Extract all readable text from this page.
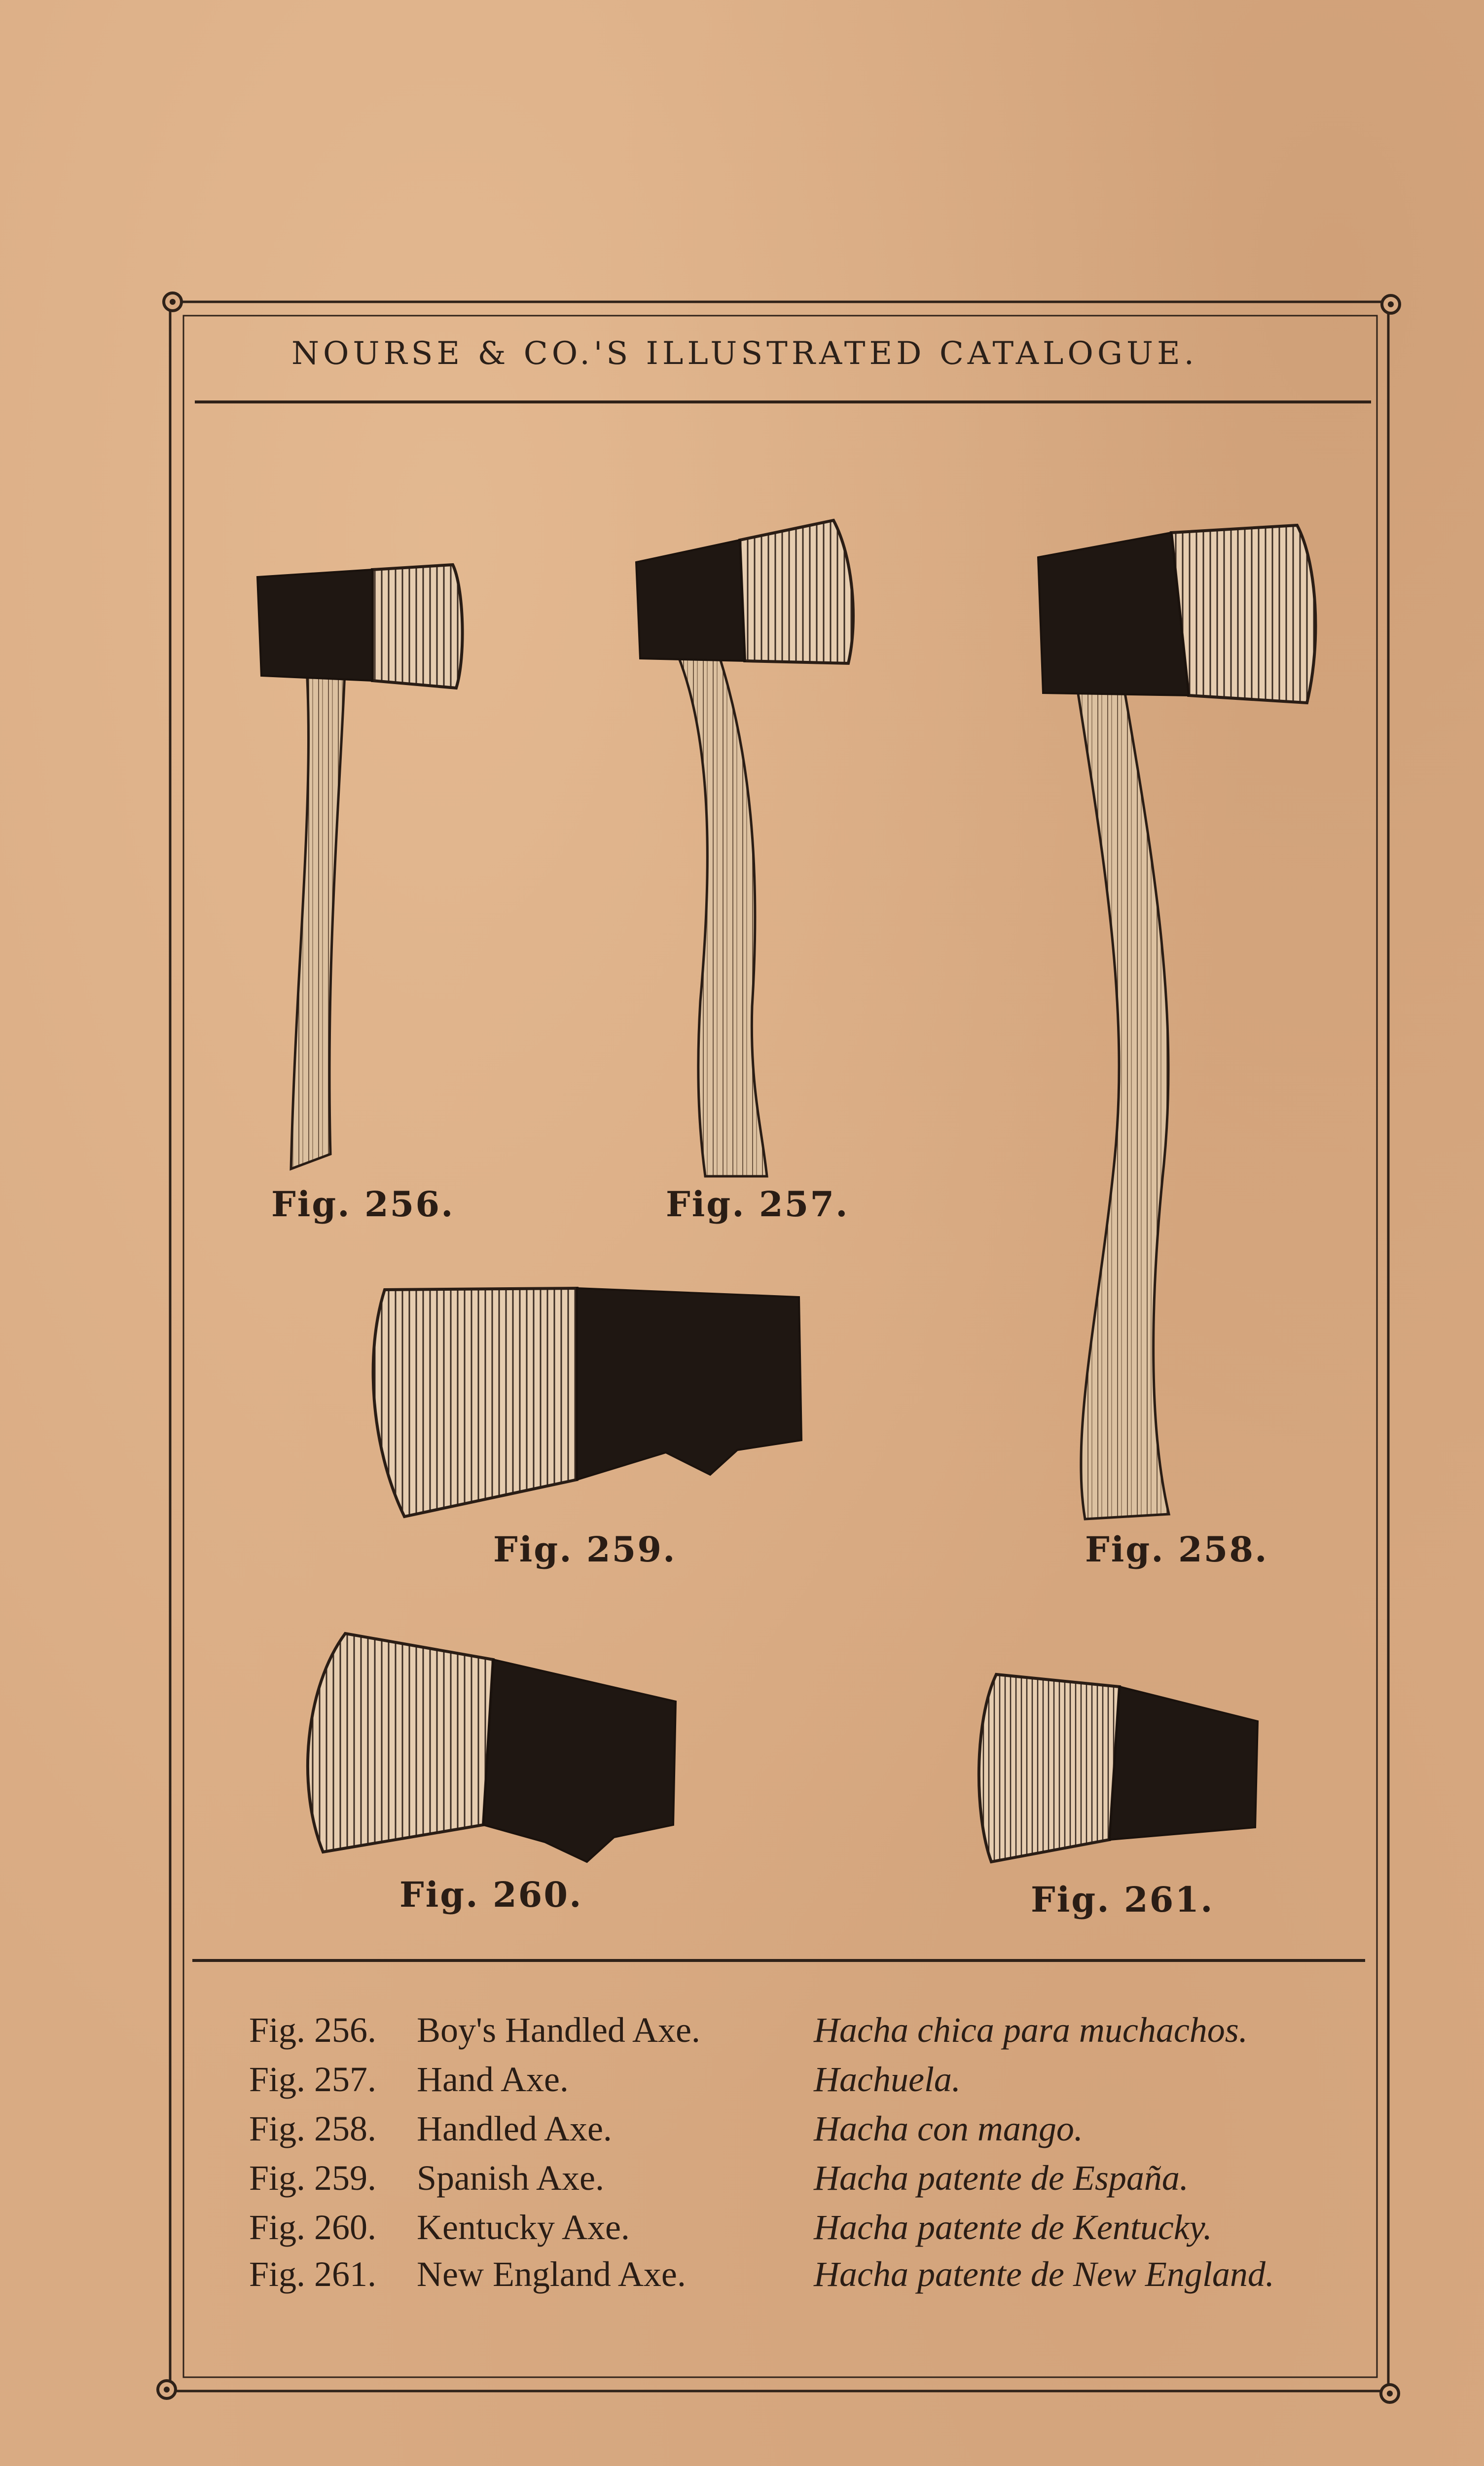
NOURSE & CO.'S ILLUSTRATED CATALOGUE.
Fig. 256.	Fig. 257.
Fig. 258.
Fig. 259.
Fig. 260.	Fig. 261.
Fig. 256. Boy's Handled Axe.	Hacha chica para muchachos.
Fig. 257. Hand Axe.	Hachuela.
Fig. 258. Handled Axe.	Hacha con mango.
Fig. 259. Spanish Axe.	Hacha patente de España.
Fig. 260. Kentucky Axe.	Hacha patente de Kentucky.
Fig. 261. New England Axe.	Hacha patente de New England.
